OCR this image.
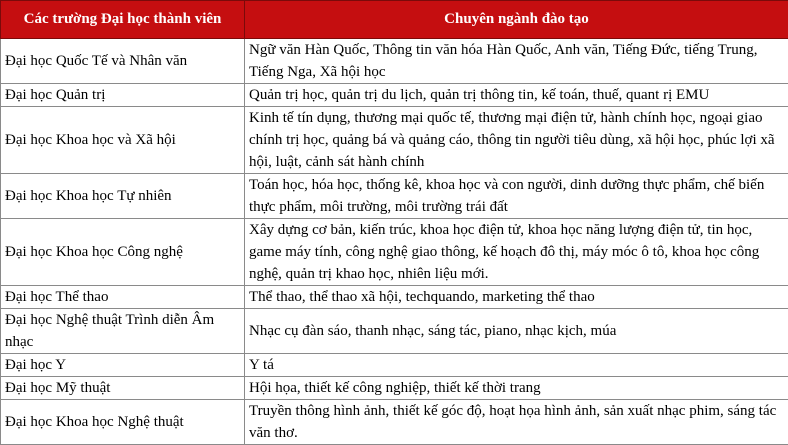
Các trường Đại học thành viên	Chuyên ngành đào tạo
Đại học Quốc Tế và Nhân văn	Ngữ văn Hàn Quốc, Thông tin văn hóa Hàn Quốc, Anh văn, Tiếng Đức, tiếng Trung, Tiếng Nga, Xã hội học
Đại học Quản trị	Quản trị học, quản trị du lịch, quản trị thông tin, kế toán, thuế, quant rị EMU
Đại học Khoa học và Xã hội	Kinh tế tín dụng, thương mại quốc tế, thương mại điện tử, hành chính học, ngoại giao chính trị học, quảng bá và quảng cáo, thông tin người tiêu dùng, xã hội học, phúc lợi xã hội, luật, cảnh sát hành chính
Đại học Khoa học Tự nhiên	Toán học, hóa học, thống kê, khoa học và con người, dinh dưỡng thực phẩm, chế biến thực phẩm, môi trường, môi trường trái đất
Đại học Khoa học Công nghệ	Xây dựng cơ bản, kiến trúc, khoa học điện tử, khoa học năng lượng điện tử, tin học, game máy tính, công nghệ giao thông, kế hoạch đô thị, máy móc ô tô, khoa học công nghệ, quản trị khao học, nhiên liệu mới.
Đại học Thể thao	Thể thao, thể thao xã hội, techquando, marketing thể thao
Đại học Nghệ thuật Trình diễn Âm nhạc	Nhạc cụ đàn sáo, thanh nhạc, sáng tác, piano, nhạc kịch, múa
Đại học Y	Y tá
Đại học Mỹ thuật	Hội họa, thiết kế công nghiệp, thiết kế thời trang
Đại học Khoa học Nghệ thuật	Truyền thông hình ảnh, thiết kế góc độ, hoạt họa hình ảnh, sản xuất nhạc phim, sáng tác văn thơ.
